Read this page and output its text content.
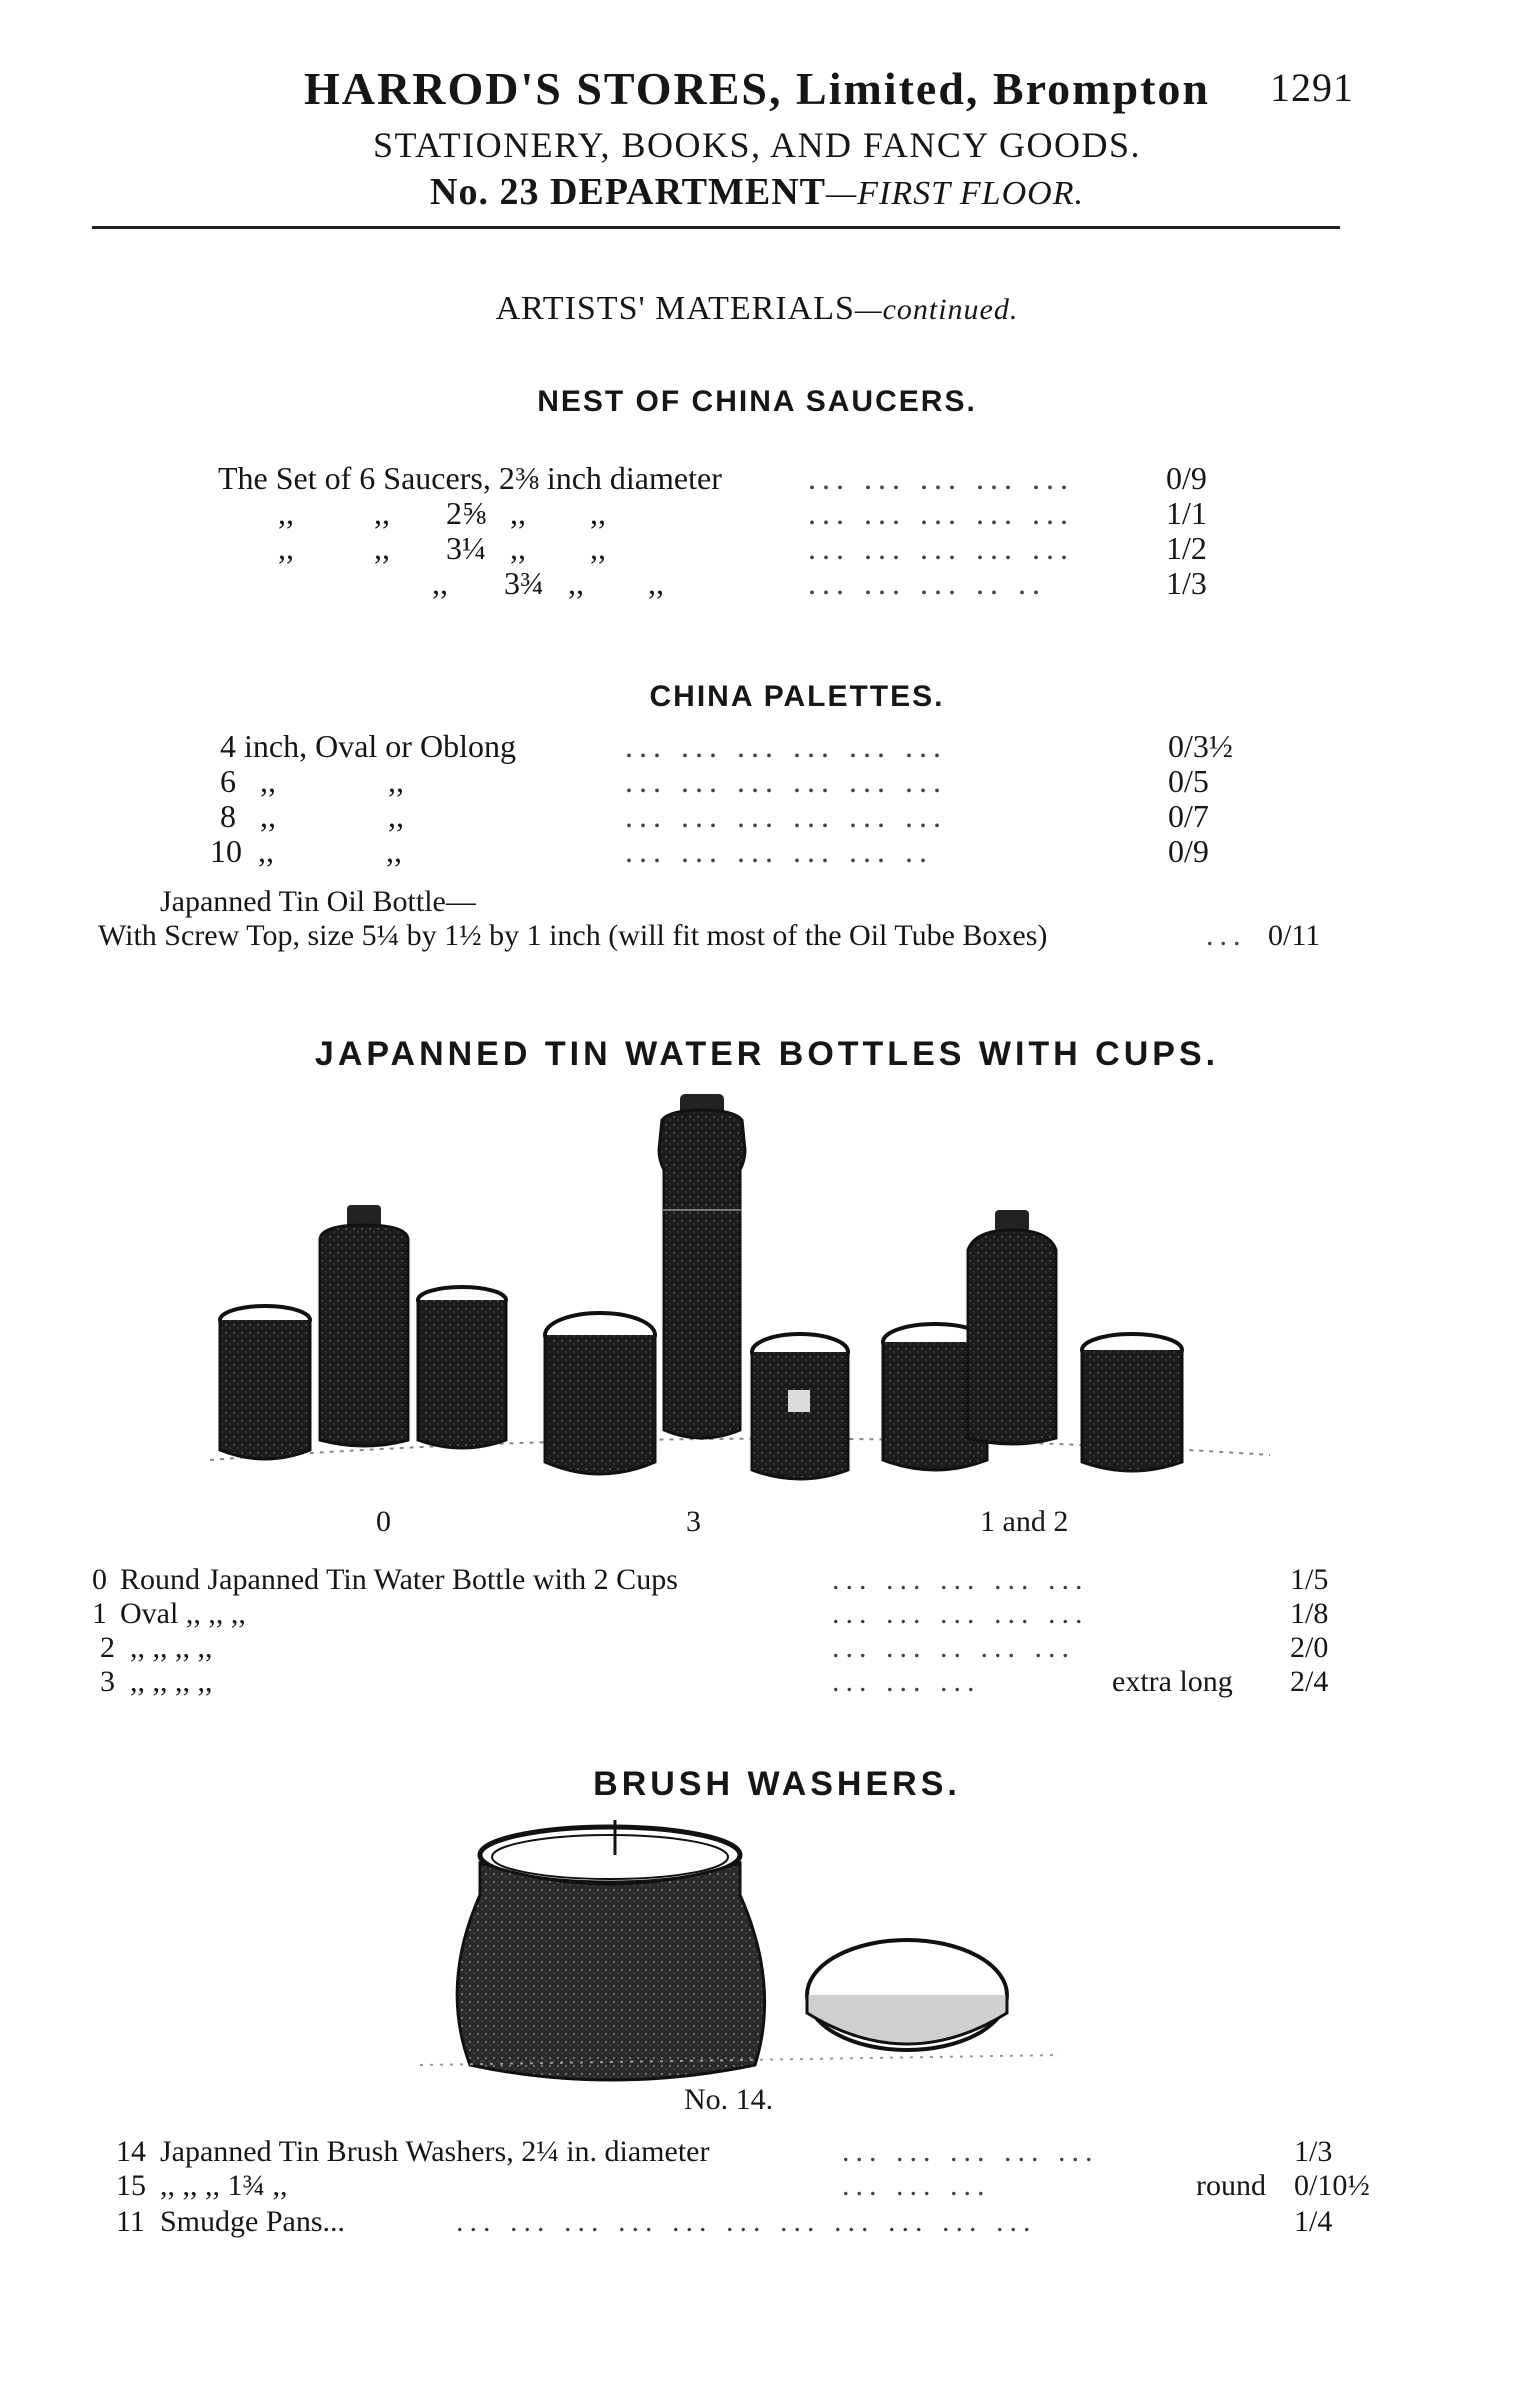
HARROD'S STORES, Limited, Brompton	1291
STATIONERY, BOOKS, AND FANCY GOODS.
No. 23 DEPARTMENT—FIRST FLOOR.
ARTISTS' MATERIALS—continued.
NEST OF CHINA SAUCERS.
The Set of 6 Saucers, 2⅜ inch diameter	... ... ... ... ...	0/9
,,          ,,       2⅝   ,,        ,,	... ... ... ... ...	1/1
,,          ,,       3¼   ,,        ,,	... ... ... ... ...	1/2
,,       3¾   ,,        ,,	... ... ... .. ..	1/3
CHINA PALETTES.
4 inch, Oval or Oblong	... ... ... ... ... ...	0/3½
6   ,,              ,,	... ... ... ... ... ...	0/5
8   ,,              ,,	... ... ... ... ... ...	0/7
10  ,,              ,,	... ... ... ... ... ..	0/9
Japanned Tin Oil Bottle—
With Screw Top, size 5¼ by 1½ by 1 inch (will fit most of the Oil Tube Boxes)	... 0/11
JAPANNED TIN WATER BOTTLES WITH CUPS.
0	3	1 and 2
0 Round Japanned Tin Water Bottle with 2 Cups	... ... ... ... ...	1/5
1 Oval ,, ,, ,,	... ... ... ... ...	1/8
2 ,, ,, ,, ,,	... ... .. ... ...	2/0
3 ,, ,, ,, ,,	... ... ...	extra long 2/4
BRUSH WASHERS.
No. 14.
14 Japanned Tin Brush Washers, 2¼ in. diameter	... ... ... ... ...	1/3
15 ,, ,, ,, 1¾ ,,	... ... ...	round 0/10½
11 Smudge Pans...	... ... ... ... ... ... ... ... ... ... ...	1/4
